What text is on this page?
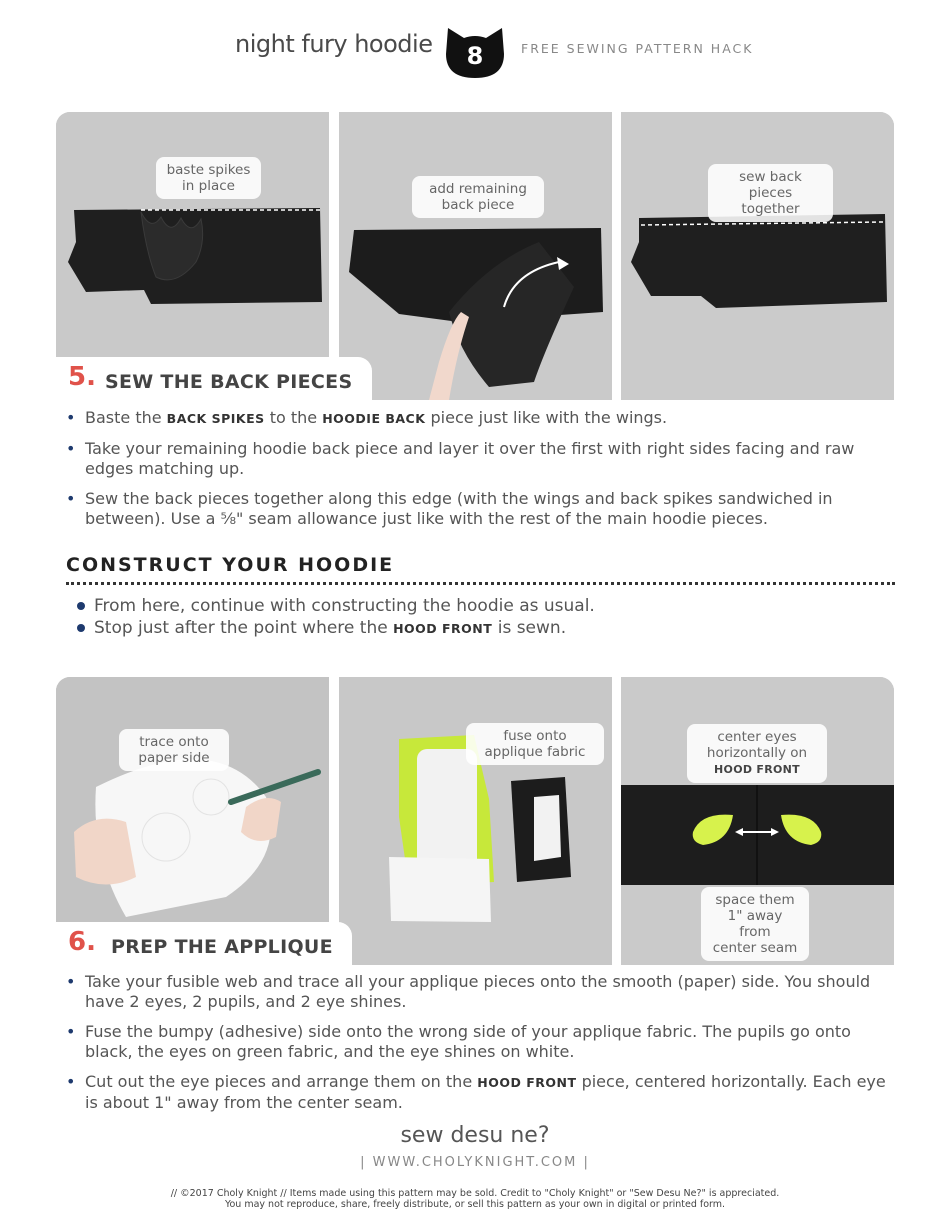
night fury hoodie	8	FREE SEWING PATTERN HACK
baste spikes
in place	add remaining
back piece
sew back
pieces together
5. SEW THE BACK PIECES
• Baste the BACK SPIKES to the HOODIE BACK piece just like with the wings.
• Take your remaining hoodie back piece and layer it over the first with right sides facing and raw edges matching up.
• Sew the back pieces together along this edge (with the wings and back spikes sandwiched in between). Use a ⅝" seam allowance just like with the rest of the main hoodie pieces.
CONSTRUCT YOUR HOODIE
From here, continue with constructing the hoodie as usual.
Stop just after the point where the HOOD FRONT is sewn.
trace onto
paper side
fuse onto
applique fabric
center eyes
horizontally on
HOOD FRONT
space them
1" away from
center seam
6. PREP THE APPLIQUE
• Take your fusible web and trace all your applique pieces onto the smooth (paper) side. You should have 2 eyes, 2 pupils, and 2 eye shines.
• Fuse the bumpy (adhesive) side onto the wrong side of your applique fabric. The pupils go onto black, the eyes on green fabric, and the eye shines on white.
• Cut out the eye pieces and arrange them on the HOOD FRONT piece, centered horizontally. Each eye is about 1" away from the center seam.
sew desu ne?
| WWW.CHOLYKNIGHT.COM |
// ©2017 Choly Knight // Items made using this pattern may be sold. Credit to "Choly Knight" or "Sew Desu Ne?" is appreciated.
You may not reproduce, share, freely distribute, or sell this pattern as your own in digital or printed form.
